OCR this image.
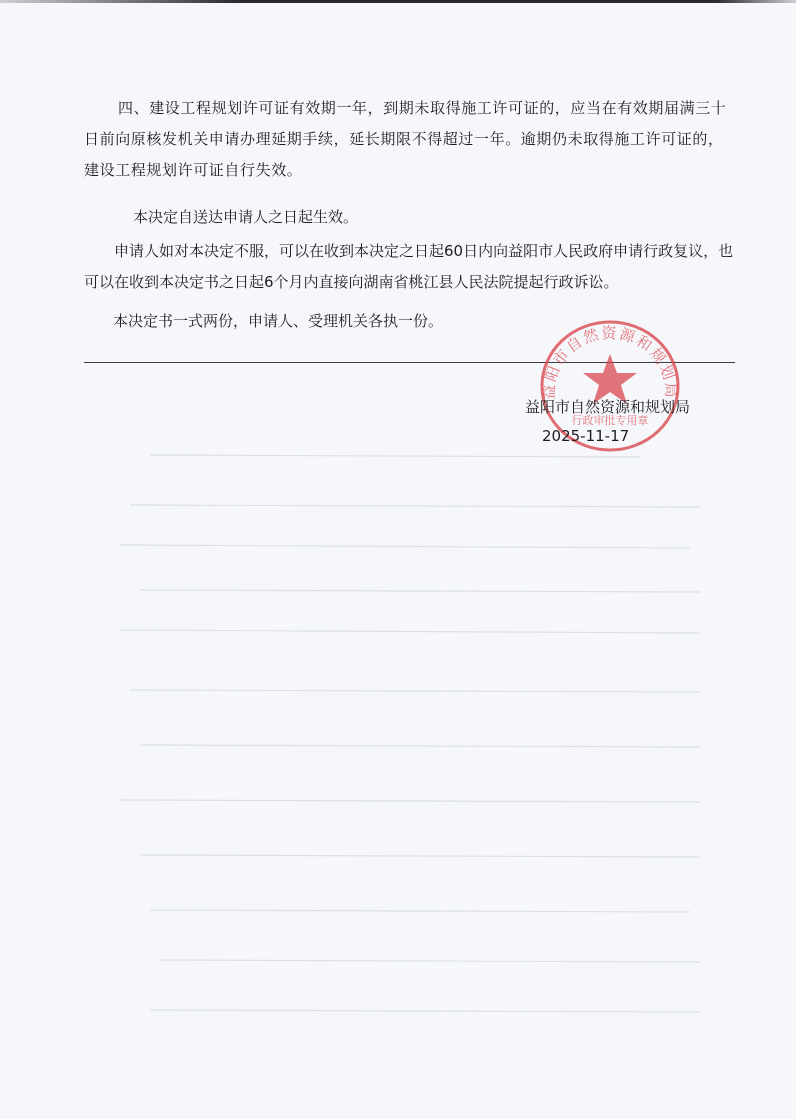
四、建设工程规划许可证有效期一年，到期未取得施工许可证的，应当在有效期届满三十日前向原核发机关申请办理延期手续，延长期限不得超过一年。逾期仍未取得施工许可证的，建设工程规划许可证自行失效。
本决定自送达申请人之日起生效。
申请人如对本决定不服，可以在收到本决定之日起60日内向益阳市人民政府申请行政复议，也可以在收到本决定书之日起6个月内直接向湖南省桃江县人民法院提起行政诉讼。
本决定书一式两份，申请人、受理机关各执一份。
益阳市自然资源和规划局
行政审批专用章
益阳市自然资源和规划局
2025-11-17
